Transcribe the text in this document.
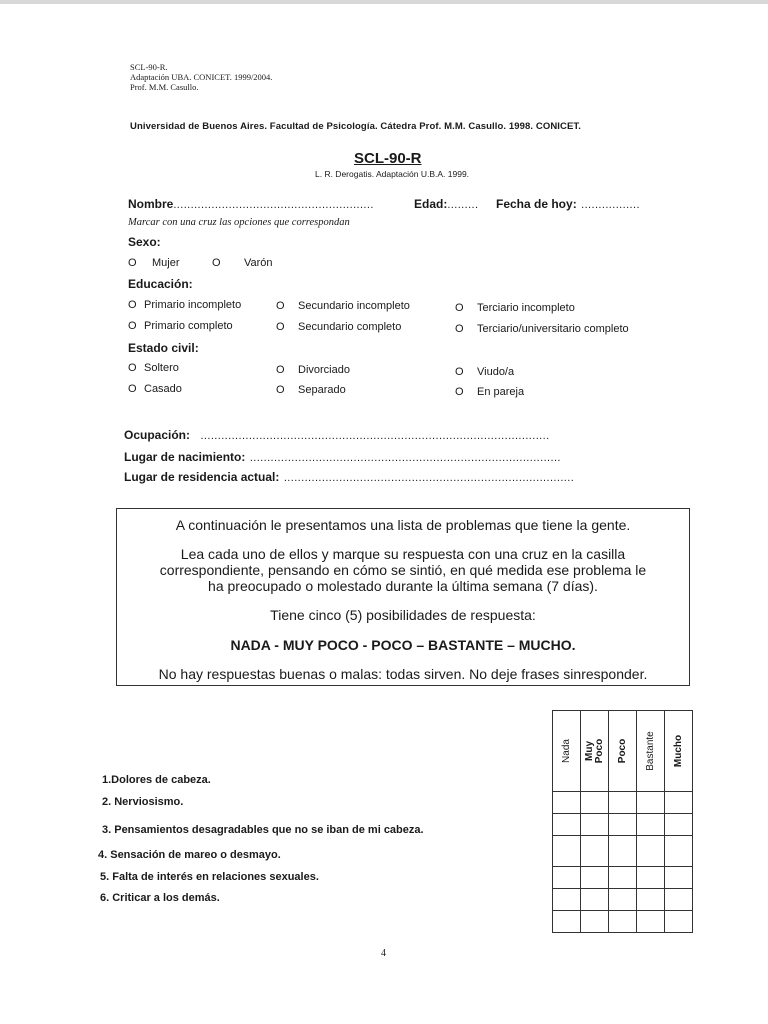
SCL-90-R.
Adaptación UBA. CONICET. 1999/2004.
Prof. M.M. Casullo.
Universidad de Buenos Aires. Facultad de Psicología. Cátedra Prof. M.M. Casullo. 1998. CONICET.
SCL-90-R
L. R. Derogatis. Adaptación U.B.A. 1999.
Nombre..........................................................	Edad:......... Fecha de hoy: .................
Marcar con una cruz las opciones que correspondan
Sexo:
O Mujer	O Varón
Educación:
O Primario incompleto	O Secundario incompleto	O Terciario incompleto
O Primario completo	O Secundario completo	O Terciario/universitario completo
Estado civil:
O Soltero	O Divorciado	O Viudo/a
O Casado	O Separado	O En pareja
Ocupación: .....................................................................................................
Lugar de nacimiento: ..........................................................................................
Lugar de residencia actual: ....................................................................................
A continuación le presentamos una lista de problemas que tiene la gente.
Lea cada uno de ellos y marque su respuesta con una cruz en la casilla
correspondiente, pensando en cómo se sintió, en qué medida ese problema le
ha preocupado o molestado durante la última semana (7 días).
Tiene cinco (5) posibilidades de respuesta:
NADA - MUY POCO - POCO – BASTANTE – MUCHO.
No hay respuestas buenas o malas: todas sirven. No deje frases sinresponder.
Nada	Muy Poco	Poco	Bastante	Mucho

1.Dolores de cabeza.
2. Nerviosismo.
3. Pensamientos desagradables que no se iban de mi cabeza.
4. Sensación de mareo o desmayo.
5. Falta de interés en relaciones sexuales.
6. Criticar a los demás.
4
